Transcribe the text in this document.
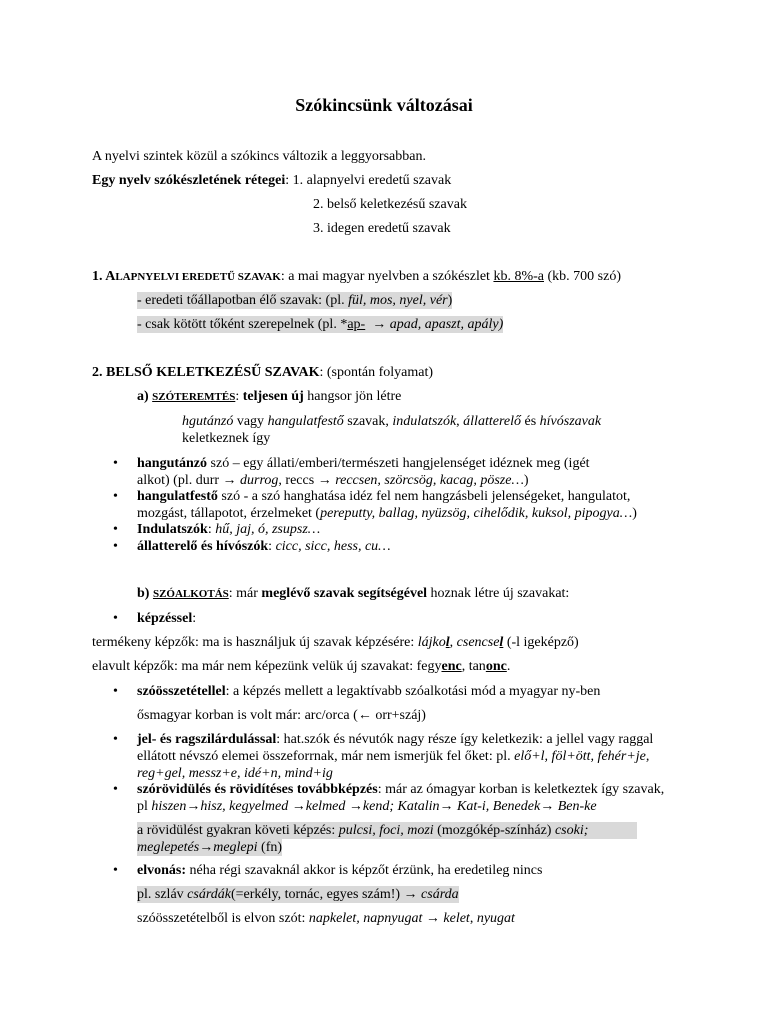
Szókincsünk változásai
A nyelvi szintek közül a szókincs változik a leggyorsabban.
Egy nyelv szókészletének rétegei: 1. alapnyelvi eredetű szavak
2. belső keletkezésű szavak
3. idegen eredetű szavak
1. ALAPNYELVI EREDETŰ SZAVAK: a mai magyar nyelvben a szókészlet kb. 8%-a (kb. 700 szó)
- eredeti tőállapotban élő szavak: (pl. fül, mos, nyel, vér)
- csak kötött tőként szerepelnek (pl. *ap-  → apad, apaszt, apály)
2. BELSŐ KELETKEZÉSŰ SZAVAK: (spontán folyamat)
a) SZÓTEREMTÉS: teljesen új hangsor jön létre
hgutánzó vagy hangulatfestő szavak, indulatszók, állatterelő és hívószavak
keletkeznek így
• hangutánzó szó – egy állati/emberi/természeti hangjelenséget idéznek meg (igét
alkot) (pl. durr → durrog, reccs → reccsen, szörcsög, kacag, pösze…)
• hangulatfestő szó - a szó hanghatása idéz fel nem hangzásbeli jelenségeket, hangulatot,
mozgást, tállapotot, érzelmeket (pereputty, ballag, nyüzsög, cihelődik, kuksol, pipogya…)
• Indulatszók: hű, jaj, ó, zsupsz…
• állatterelő és hívószók: cicc, sicc, hess, cu…
b) SZÓALKOTÁS: már meglévő szavak segítségével hoznak létre új szavakat:
• képzéssel:
termékeny képzők: ma is használjuk új szavak képzésére: lájkol, csencsel (-l igeképző)
elavult képzők: ma már nem képezünk velük új szavakat: fegyenc, tanonc.
• szóösszetétellel: a képzés mellett a legaktívabb szóalkotási mód a myagyar ny-ben
ősmagyar korban is volt már: arc/orca (← orr+száj)
• jel- és ragszilárdulással: hat.szók és névutók nagy része így keletkezik: a jellel vagy raggal
ellátott névszó elemei összeforrnak, már nem ismerjük fel őket: pl. elő+l, föl+ött, fehér+je,
reg+gel, messz+e, idé+n, mind+ig
• szórövidülés és rövidítéses továbbképzés: már az ómagyar korban is keletkeztek így szavak,
pl hiszen→hisz, kegyelmed →kelmed →kend; Katalin→ Kat-i, Benedek→ Ben-ke
a rövidülést gyakran követi képzés: pulcsi, foci, mozi (mozgókép-színház) csoki;
meglepetés→meglepi (fn)
• elvonás: néha régi szavaknál akkor is képzőt érzünk, ha eredetileg nincs
pl. szláv csárdák(=erkély, tornác, egyes szám!) → csárda
szóösszetételből is elvon szót: napkelet, napnyugat → kelet, nyugat
